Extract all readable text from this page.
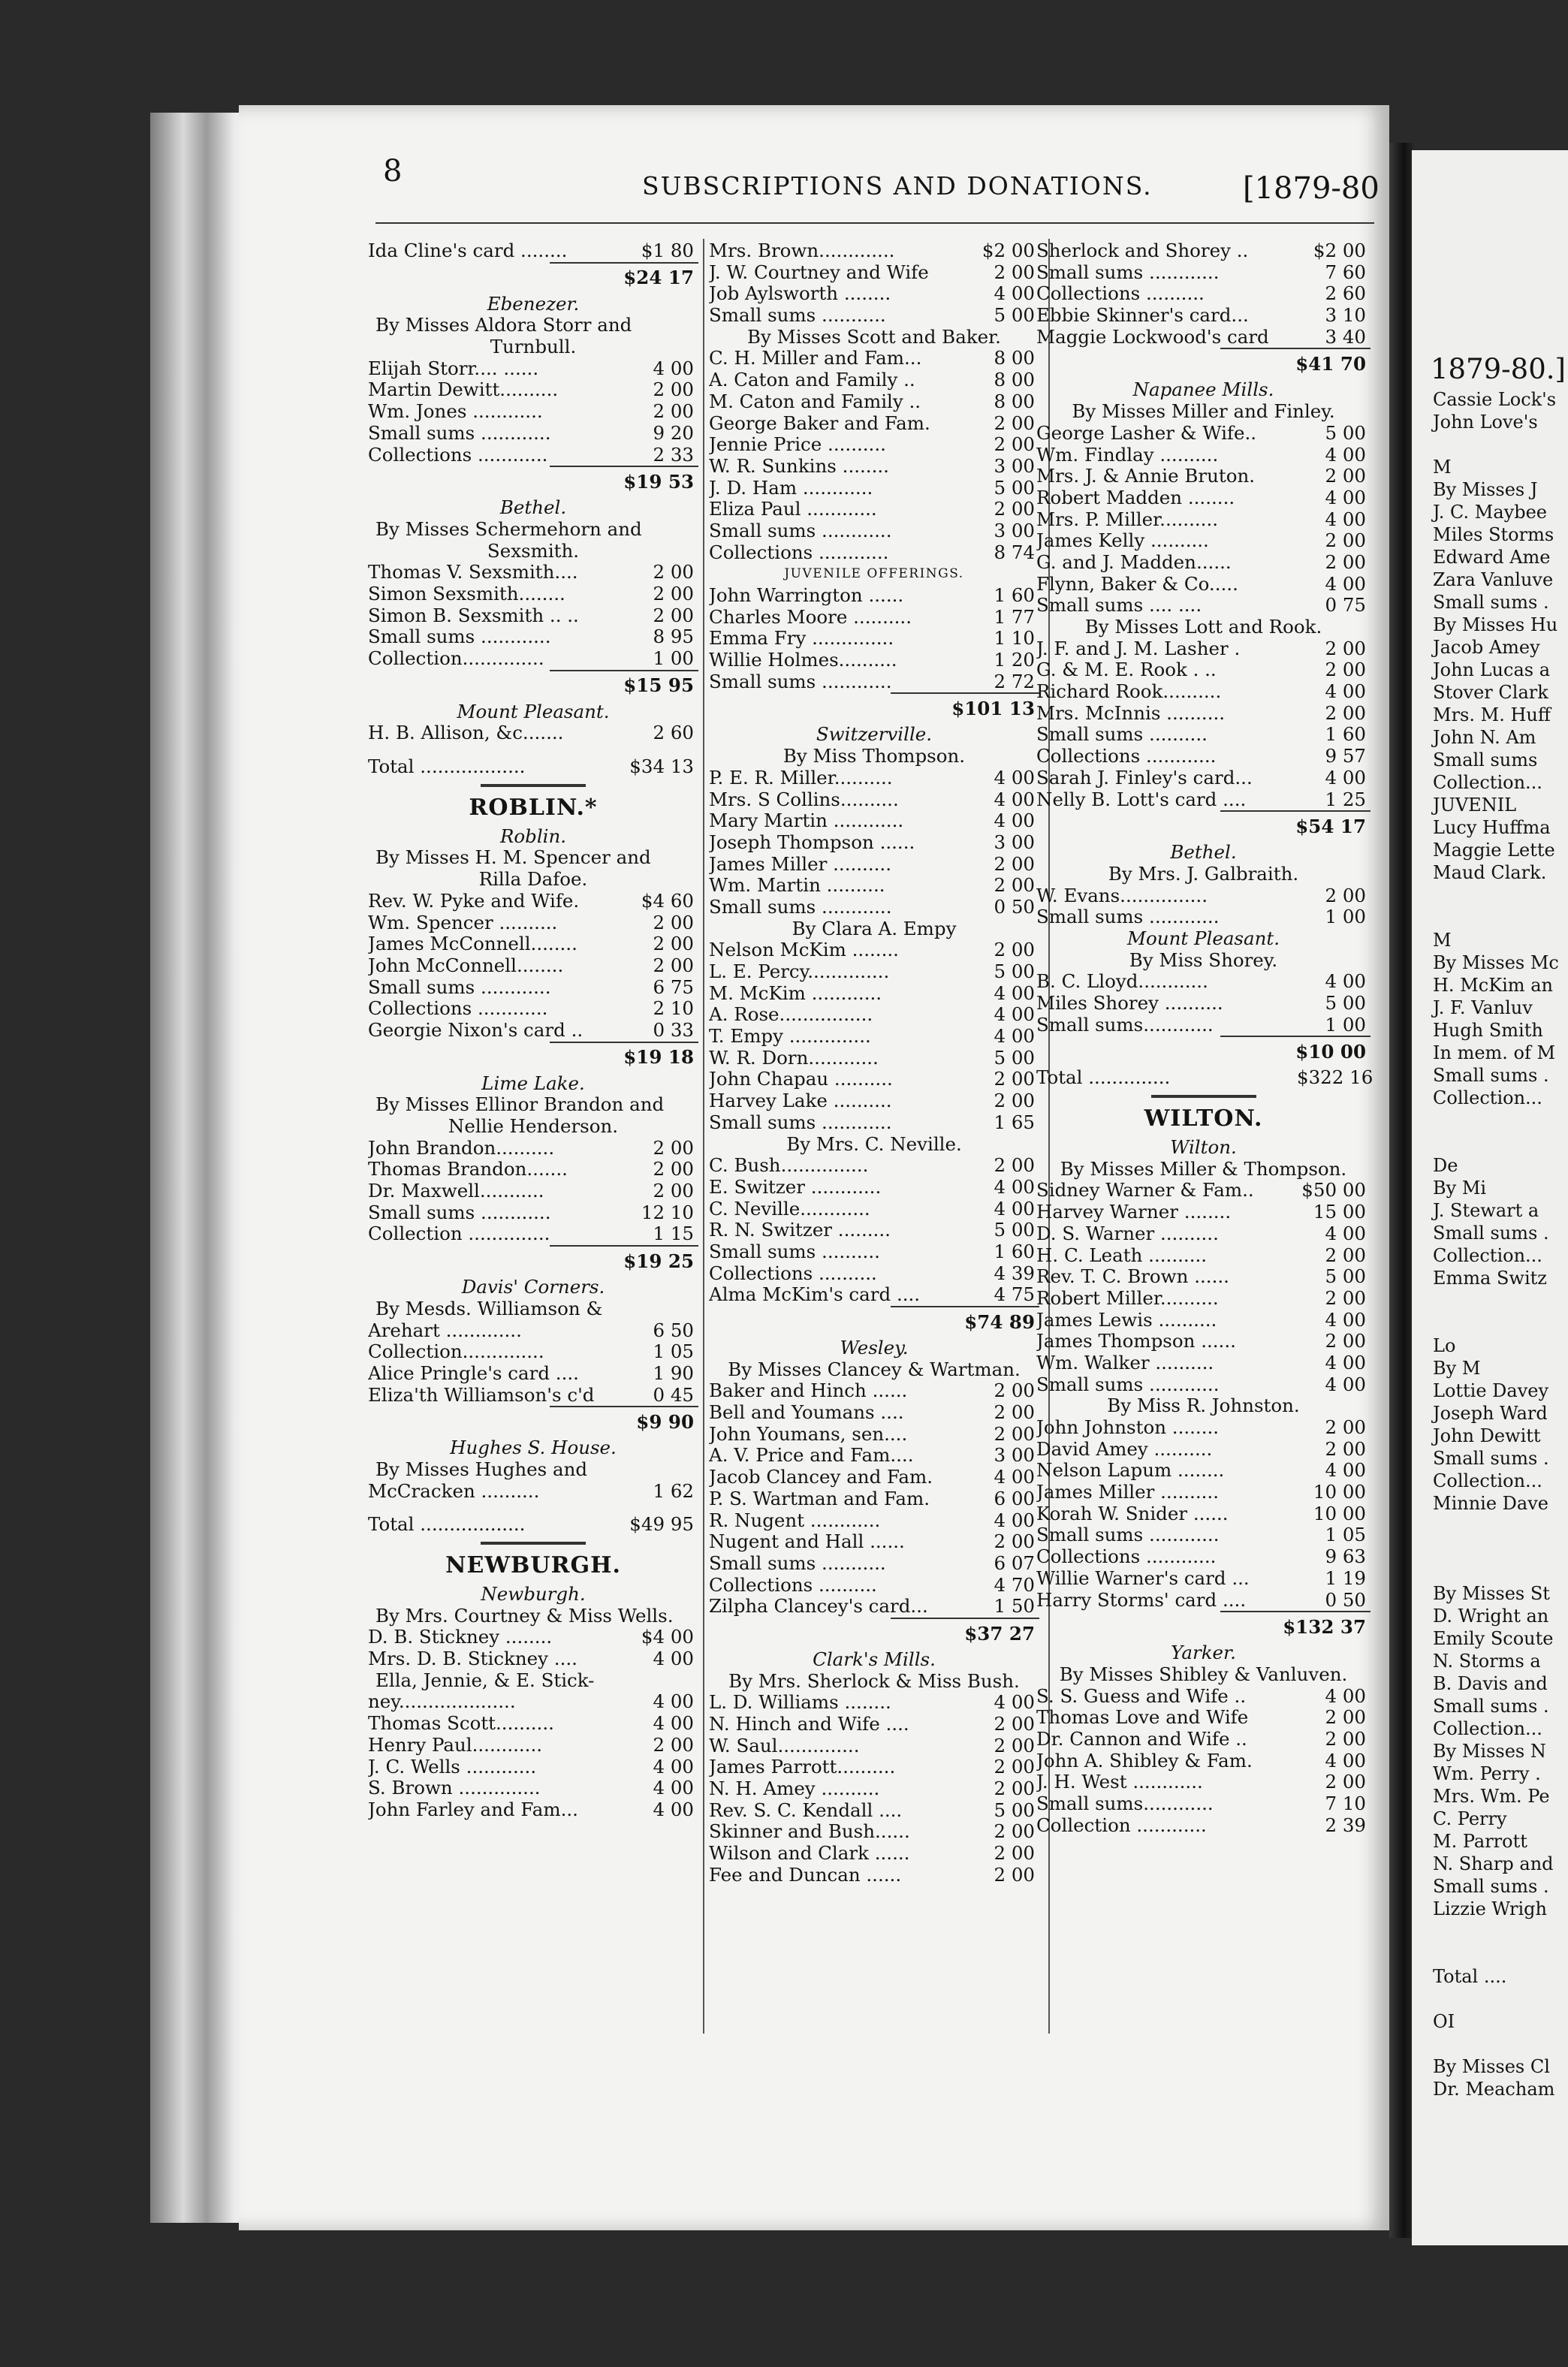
1879-80.]
Cassie Lock's
John Love's
M
By Misses J
J. C. Maybee
Miles Storms
Edward Ame
Zara Vanluve
Small sums .
By Misses Hu
Jacob Amey
John Lucas a
Stover Clark
Mrs. M. Huff
John N. Am
Small sums
Collection...
JUVENIL
Lucy Huffma
Maggie Lette
Maud Clark.
M
By Misses Mc
H. McKim an
J. F. Vanluv
Hugh Smith
In mem. of M
Small sums .
Collection...
De
By Mi
J. Stewart a
Small sums .
Collection...
Emma Switz
Lo
By M
Lottie Davey
Joseph Ward
John Dewitt
Small sums .
Collection...
Minnie Dave
By Misses St
D. Wright an
Emily Scoute
N. Storms a
B. Davis and
Small sums .
Collection...
By Misses N
Wm. Perry .
Mrs. Wm. Pe
C. Perry
M. Parrott
N. Sharp and
Small sums .
Lizzie Wrigh
Total ....
OI
By Misses Cl
Dr. Meacham
8	SUBSCRIPTIONS AND DONATIONS.	[1879-80
Ida Cline's card ........	$1 80
$24 17
Ebenezer.
By Misses Aldora Storr and
Turnbull.
Elijah Storr.... ......	4 00
Martin Dewitt..........	2 00
Wm. Jones ............	2 00
Small sums ............	9 20
Collections ............	2 33
$19 53
Bethel.
By Misses Schermehorn and
Sexsmith.
Thomas V. Sexsmith....	2 00
Simon Sexsmith........	2 00
Simon B. Sexsmith .. ..	2 00
Small sums ............	8 95
Collection..............	1 00
$15 95
Mount Pleasant.
H. B. Allison, &c.......	2 60
Total ..................	$34 13
ROBLIN.*
Roblin.
By Misses H. M. Spencer and
Rilla Dafoe.
Rev. W. Pyke and Wife.	$4 60
Wm. Spencer ..........	2 00
James McConnell........	2 00
John McConnell........	2 00
Small sums ............	6 75
Collections ............	2 10
Georgie Nixon's card ..	0 33
$19 18
Lime Lake.
By Misses Ellinor Brandon and
Nellie Henderson.
John Brandon..........	2 00
Thomas Brandon.......	2 00
Dr. Maxwell...........	2 00
Small sums ............	12 10
Collection ..............	1 15
$19 25
Davis' Corners.
By Mesds. Williamson &
Arehart .............	6 50
Collection..............	1 05
Alice Pringle's card ....	1 90
Eliza'th Williamson's c'd	0 45
$9 90
Hughes S. House.
By Misses Hughes and
McCracken ..........	1 62
Total ..................	$49 95
NEWBURGH.
Newburgh.
By Mrs. Courtney & Miss Wells.
D. B. Stickney ........	$4 00
Mrs. D. B. Stickney ....	4 00
Ella, Jennie, & E. Stick-
ney....................	4 00
Thomas Scott..........	4 00
Henry Paul............	2 00
J. C. Wells ............	4 00
S. Brown ..............	4 00
John Farley and Fam...	4 00
Mrs. Brown.............	$2 00
J. W. Courtney and Wife	2 00
Job Aylsworth ........	4 00
Small sums ...........	5 00
By Misses Scott and Baker.
C. H. Miller and Fam...	8 00
A. Caton and Family ..	8 00
M. Caton and Family ..	8 00
George Baker and Fam.	2 00
Jennie Price ..........	2 00
W. R. Sunkins ........	3 00
J. D. Ham ............	5 00
Eliza Paul ............	2 00
Small sums ............	3 00
Collections ............	8 74
JUVENILE OFFERINGS.
John Warrington ......	1 60
Charles Moore ..........	1 77
Emma Fry ..............	1 10
Willie Holmes..........	1 20
Small sums ............	2 72
$101 13
Switzerville.
By Miss Thompson.
P. E. R. Miller..........	4 00
Mrs. S Collins..........	4 00
Mary Martin ............	4 00
Joseph Thompson ......	3 00
James Miller ..........	2 00
Wm. Martin ..........	2 00
Small sums ............	0 50
By Clara A. Empy
Nelson McKim ........	2 00
L. E. Percy..............	5 00
M. McKim ............	4 00
A. Rose................	4 00
T. Empy ..............	4 00
W. R. Dorn............	5 00
John Chapau ..........	2 00
Harvey Lake ..........	2 00
Small sums ............	1 65
By Mrs. C. Neville.
C. Bush...............	2 00
E. Switzer ............	4 00
C. Neville............	4 00
R. N. Switzer .........	5 00
Small sums ..........	1 60
Collections ..........	4 39
Alma McKim's card ....	4 75
$74 89
Wesley.
By Misses Clancey & Wartman.
Baker and Hinch ......	2 00
Bell and Youmans ....	2 00
John Youmans, sen....	2 00
A. V. Price and Fam....	3 00
Jacob Clancey and Fam.	4 00
P. S. Wartman and Fam.	6 00
R. Nugent ............	4 00
Nugent and Hall ......	2 00
Small sums ...........	6 07
Collections ..........	4 70
Zilpha Clancey's card...	1 50
$37 27
Clark's Mills.
By Mrs. Sherlock & Miss Bush.
L. D. Williams ........	4 00
N. Hinch and Wife ....	2 00
W. Saul..............	2 00
James Parrott..........	2 00
N. H. Amey ..........	2 00
Rev. S. C. Kendall ....	5 00
Skinner and Bush......	2 00
Wilson and Clark ......	2 00
Fee and Duncan ......	2 00
Sherlock and Shorey ..	$2 00
Small sums ............	7 60
Collections ..........	2 60
Ebbie Skinner's card...	3 10
Maggie Lockwood's card	3 40
$41 70
Napanee Mills.
By Misses Miller and Finley.
George Lasher & Wife..	5 00
Wm. Findlay ..........	4 00
Mrs. J. & Annie Bruton.	2 00
Robert Madden ........	4 00
Mrs. P. Miller..........	4 00
James Kelly ..........	2 00
G. and J. Madden......	2 00
Flynn, Baker & Co.....	4 00
Small sums .... ....	0 75
By Misses Lott and Rook.
J. F. and J. M. Lasher .	2 00
G. & M. E. Rook . ..	2 00
Richard Rook..........	4 00
Mrs. McInnis ..........	2 00
Small sums ..........	1 60
Collections ............	9 57
Sarah J. Finley's card...	4 00
Nelly B. Lott's card ....	1 25
$54 17
Bethel.
By Mrs. J. Galbraith.
W. Evans...............	2 00
Small sums ............	1 00
Mount Pleasant.
By Miss Shorey.
B. C. Lloyd............	4 00
Miles Shorey ..........	5 00
Small sums............	1 00
$10 00
Total ..............	$322 16
WILTON.
Wilton.
By Misses Miller & Thompson.
Sidney Warner & Fam..	$50 00
Harvey Warner ........	15 00
D. S. Warner ..........	4 00
H. C. Leath ..........	2 00
Rev. T. C. Brown ......	5 00
Robert Miller..........	2 00
James Lewis ..........	4 00
James Thompson ......	2 00
Wm. Walker ..........	4 00
Small sums ............	4 00
By Miss R. Johnston.
John Johnston ........	2 00
David Amey ..........	2 00
Nelson Lapum ........	4 00
James Miller ..........	10 00
Korah W. Snider ......	10 00
Small sums ............	1 05
Collections ............	9 63
Willie Warner's card ...	1 19
Harry Storms' card ....	0 50
$132 37
Yarker.
By Misses Shibley & Vanluven.
S. S. Guess and Wife ..	4 00
Thomas Love and Wife	2 00
Dr. Cannon and Wife ..	2 00
John A. Shibley & Fam.	4 00
J. H. West ............	2 00
Small sums............	7 10
Collection ............	2 39
